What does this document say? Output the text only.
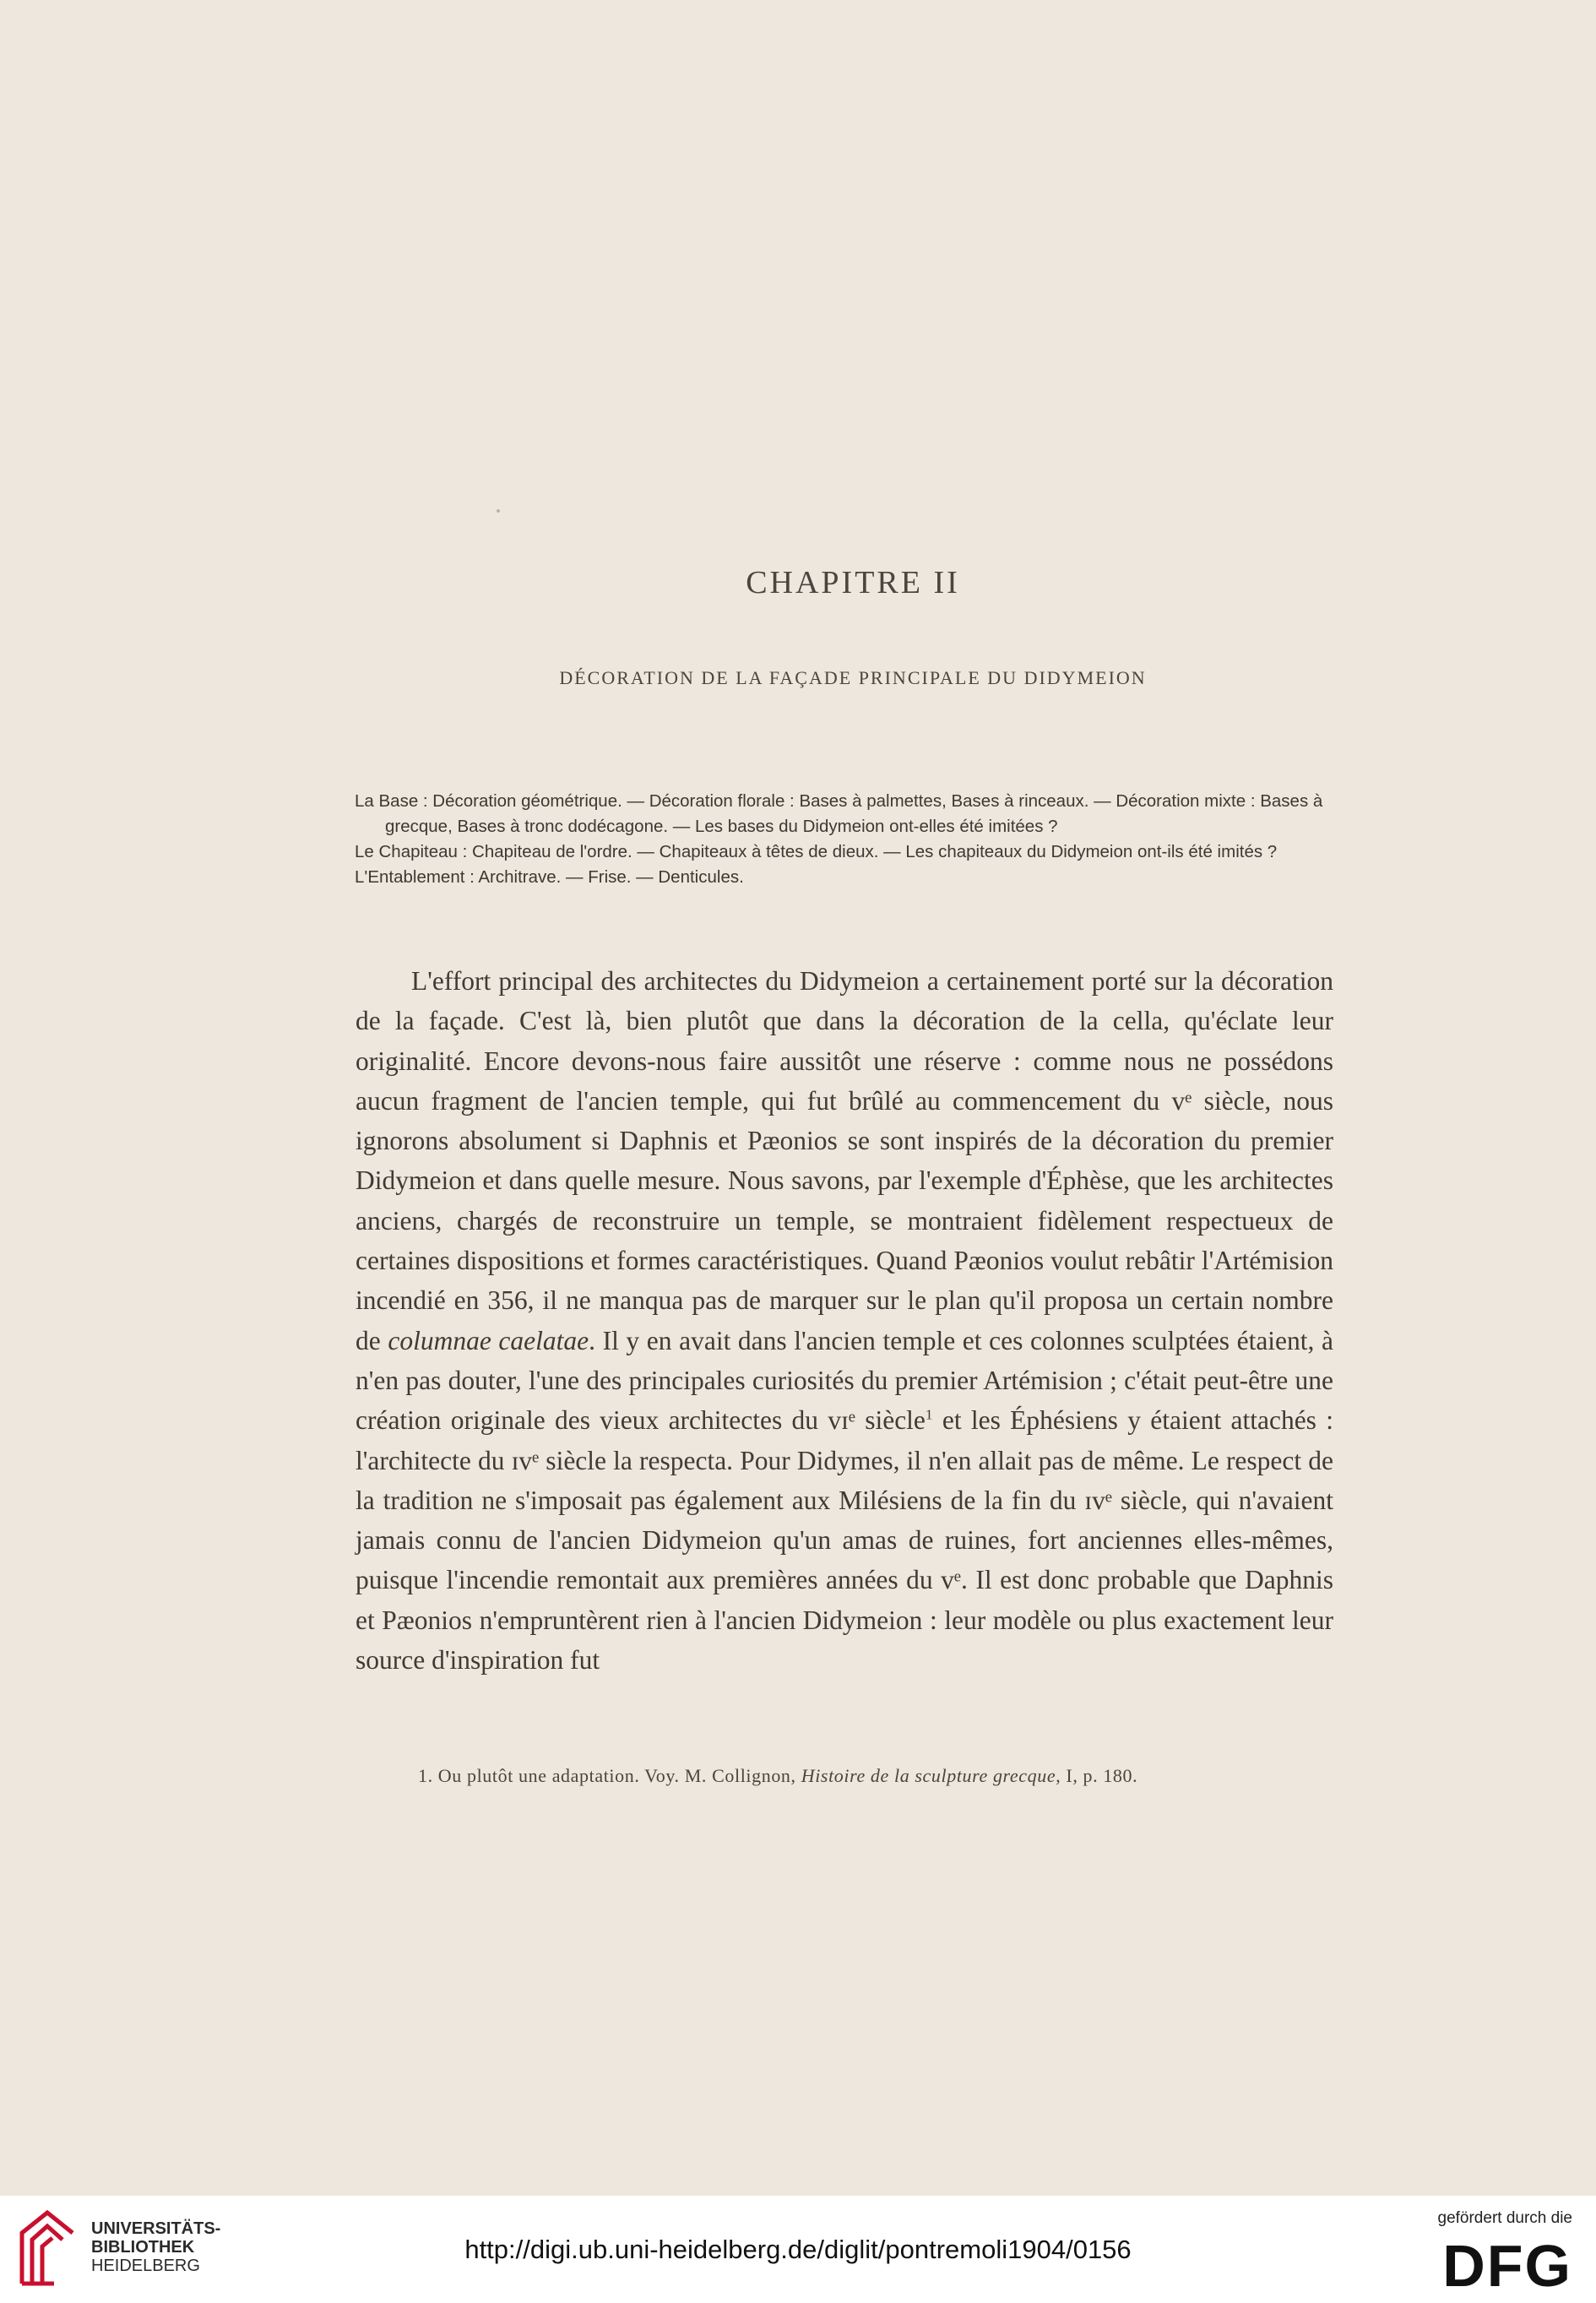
CHAPITRE II
DÉCORATION DE LA FAÇADE PRINCIPALE DU DIDYMEION

La Base : Décoration géométrique. — Décoration florale : Bases à palmettes, Bases à rinceaux. — Décoration mixte : Bases à grecque, Bases à tronc dodécagone. — Les bases du Didymeion ont-elles été imitées ?

Le Chapiteau : Chapiteau de l'ordre. — Chapiteaux à têtes de dieux. — Les chapiteaux du Didymeion ont-ils été imités ?

L'Entablement : Architrave. — Frise. — Denticules.

L'effort principal des architectes du Didymeion a certainement porté sur la décoration de la façade. C'est là, bien plutôt que dans la décoration de la cella, qu'éclate leur originalité. Encore devons-nous faire aussitôt une réserve : comme nous ne possédons aucun fragment de l'ancien temple, qui fut brûlé au commencement du vᵉ siècle, nous ignorons absolument si Daphnis et Pæonios se sont inspirés de la décoration du premier Didymeion et dans quelle mesure. Nous savons, par l'exemple d'Éphèse, que les architectes anciens, chargés de reconstruire un temple, se montraient fidèlement respectueux de certaines dispositions et formes caractéristiques. Quand Pæonios voulut rebâtir l'Artémision incendié en 356, il ne manqua pas de marquer sur le plan qu'il proposa un certain nombre de columnae caelatae. Il y en avait dans l'ancien temple et ces colonnes sculptées étaient, à n'en pas douter, l'une des principales curiosités du premier Artémision ; c'était peut-être une création originale des vieux architectes du vɪᵉ siècle$^1$ et les Éphésiens y étaient attachés : l'architecte du ɪvᵉ siècle la respecta. Pour Didymes, il n'en allait pas de même. Le respect de la tradition ne s'imposait pas également aux Milésiens de la fin du ɪvᵉ siècle, qui n'avaient jamais connu de l'ancien Didymeion qu'un amas de ruines, fort anciennes elles-mêmes, puisque l'incendie remontait aux premières années du vᵉ. Il est donc probable que Daphnis et Pæonios n'empruntèrent rien à l'ancien Didymeion : leur modèle ou plus exactement leur source d'inspiration fut

1. Ou plutôt une adaptation. Voy. M. Collignon, Histoire de la sculpture grecque, I, p. 180.
UNIVERSITÄTS-
BIBLIOTHEK
HEIDELBERG
http://digi.ub.uni-heidelberg.de/diglit/pontremoli1904/0156
gefördert durch die
DFG
